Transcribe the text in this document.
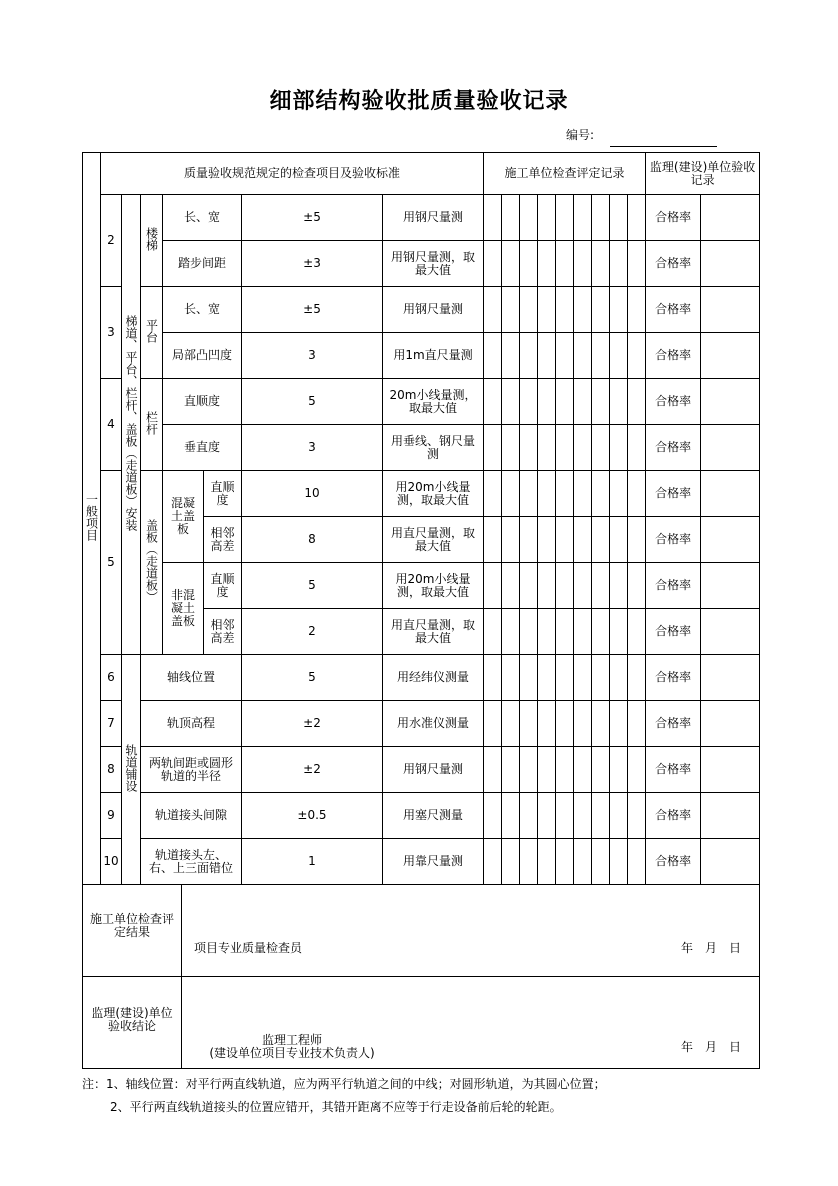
细部结构验收批质量验收记录
编号:
一般项目	质量验收规范规定的检查项目及验收标准							施工单位检查评定记录									监理(建设)单位验收记录	
	2	梯道、平台、栏杆、盖板（走道板）安装	楼梯	长、宽		±5	用钢尺量测										合格率	
				踏步间距		±3	用钢尺量测，取最大值										合格率	
	3		平台	长、宽		±5	用钢尺量测										合格率	
				局部凸凹度		3	用1m直尺量测										合格率	
	4		栏杆	直顺度		5	20m小线量测，取最大值										合格率	
				垂直度		3	用垂线、钢尺量测										合格率	
	5		盖板（走道板）	混凝土盖板	直顺度	10	用20m小线量测，取最大值										合格率	
					相邻高差	8	用直尺量测，取最大值										合格率	
				非混凝土盖板	直顺度	5	用20m小线量测，取最大值										合格率	
					相邻高差	2	用直尺量测，取最大值										合格率	
	6	轨道铺设	轴线位置			5	用经纬仪测量										合格率	
	7		轨顶高程			±2	用水准仪测量										合格率	
	8		两轨间距或圆形轨道的半径			±2	用钢尺量测										合格率	
	9		轨道接头间隙			±0.5	用塞尺测量										合格率	
	10		轨道接头左、右、上三面错位			1	用靠尺量测										合格率	
施工单位检查评定结果	项目专业质量检查员 年　月　日

监理(建设)单位验收结论	监理工程师
(建设单位项目专业技术负责人) 年　月　日
注：1、轴线位置：对平行两直线轨道，应为两平行轨道之间的中线；对圆形轨道，为其圆心位置；
2、平行两直线轨道接头的位置应错开，其错开距离不应等于行走设备前后轮的轮距。
